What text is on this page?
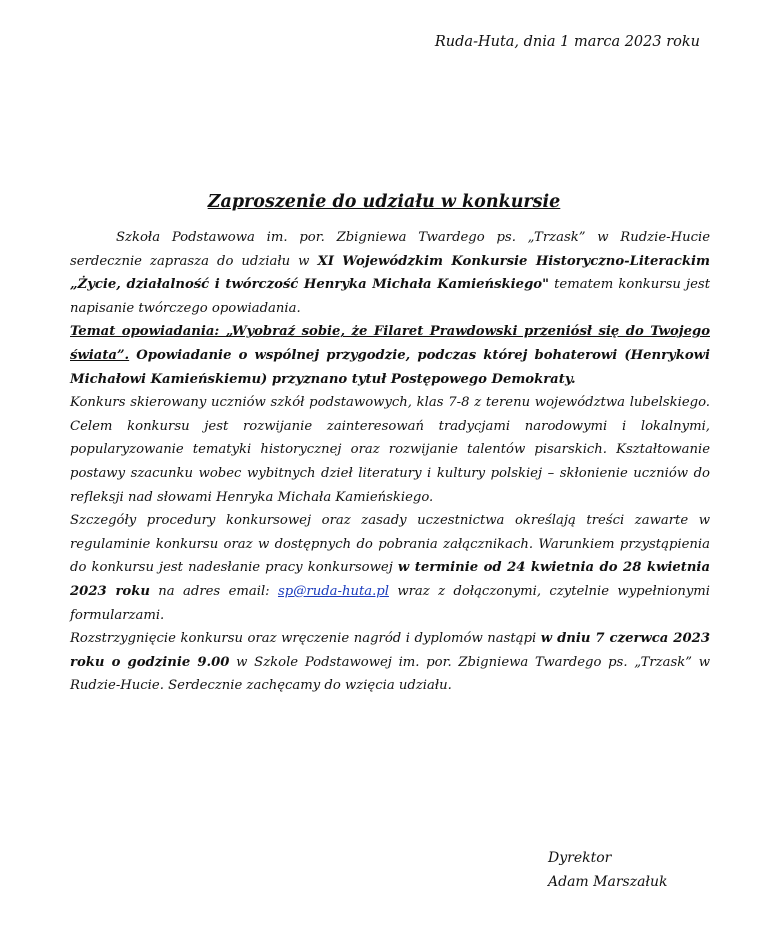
Ruda-Huta, dnia 1 marca 2023 roku
Zaproszenie do udziału w konkursie

Szkoła Podstawowa im. por. Zbigniewa Twardego ps. „Trzask” w Rudzie-Hucie serdecznie zaprasza do udziału w XI Wojewódzkim Konkursie Historyczno-Literackim „Życie, działalność i twórczość Henryka Michała Kamieńskiego" tematem konkursu jest napisanie twórczego opowiadania.

Temat opowiadania: „Wyobraź sobie, że Filaret Prawdowski przeniósł się do Twojego świata”. Opowiadanie o wspólnej przygodzie, podczas której bohaterowi (Henrykowi Michałowi Kamieńskiemu) przyznano tytuł Postępowego Demokraty.

Konkurs skierowany uczniów szkół podstawowych, klas 7-8 z terenu województwa lubelskiego. Celem konkursu jest rozwijanie zainteresowań tradycjami narodowymi i lokalnymi, popularyzowanie tematyki historycznej oraz rozwijanie talentów pisarskich. Kształtowanie postawy szacunku wobec wybitnych dzieł literatury i kultury polskiej – skłonienie uczniów do refleksji nad słowami Henryka Michała Kamieńskiego.

Szczegóły procedury konkursowej oraz zasady uczestnictwa określają treści zawarte w regulaminie konkursu oraz w dostępnych do pobrania załącznikach. Warunkiem przystąpienia do konkursu jest nadesłanie pracy konkursowej w terminie od 24 kwietnia do 28 kwietnia 2023 roku na adres email: sp@ruda-huta.pl wraz z dołączonymi, czytelnie wypełnionymi formularzami.

Rozstrzygnięcie konkursu oraz wręczenie nagród i dyplomów nastąpi w dniu 7 czerwca 2023 roku o godzinie 9.00 w Szkole Podstawowej im. por. Zbigniewa Twardego ps. „Trzask” w Rudzie-Hucie. Serdecznie zachęcamy do wzięcia udziału.

Dyrektor
Adam Marszałuk
